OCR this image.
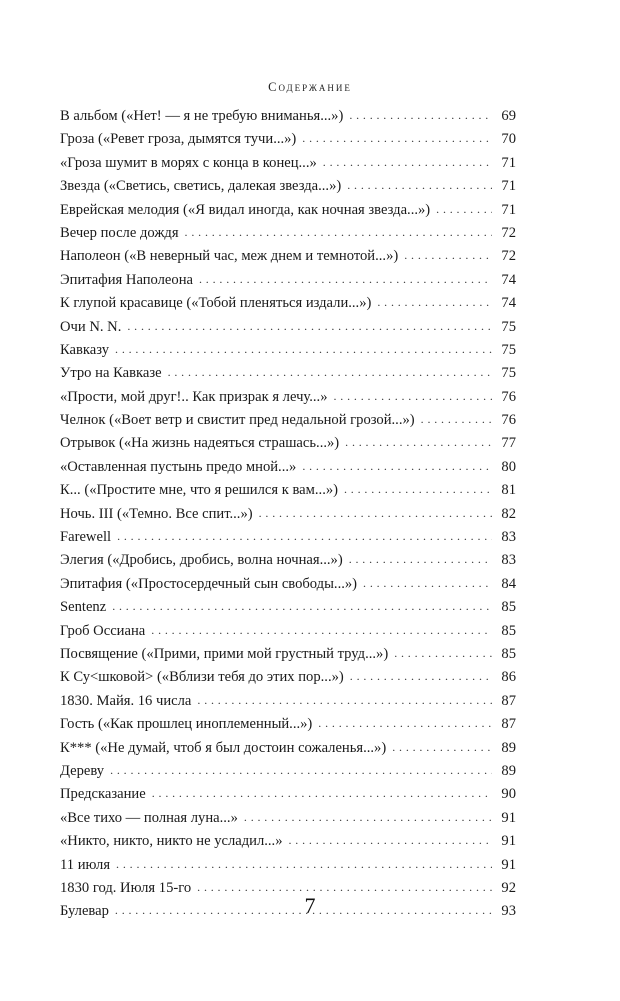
Содержание
В альбом («Нет! — я не требую вниманья...») . . .	69
Гроза («Ревет гроза, дымятся тучи...») . . .	70
«Гроза шумит в морях с конца в конец...» . . .	71
Звезда («Светись, светись, далекая звезда...») . . .	71
Еврейская мелодия («Я видал иногда, как ночная звезда...») . . .	71
Вечер после дождя . . .	72
Наполеон («В неверный час, меж днем и темнотой...») . . .	72
Эпитафия Наполеона . . .	74
К глупой красавице («Тобой пленяться издали...») . . .	74
Очи N. N. . . .	75
Кавказу . . .	75
Утро на Кавказе . . .	75
«Прости, мой друг!.. Как призрак я лечу...» . . .	76
Челнок («Воет ветр и свистит пред недальной грозой...») . . .	76
Отрывок («На жизнь надеяться страшась...») . . .	77
«Оставленная пустынь предо мной...» . . .	80
К... («Простите мне, что я решился к вам...») . . .	81
Ночь. III («Темно. Все спит...») . . .	82
Farewell . . .	83
Элегия («Дробись, дробись, волна ночная...») . . .	83
Эпитафия («Простосердечный сын свободы...») . . .	84
Sentenz . . .	85
Гроб Оссиана . . .	85
Посвящение («Прими, прими мой грустный труд...») . . .	85
К Су<шковой> («Вблизи тебя до этих пор...») . . .	86
1830. Майя. 16 числа . . .	87
Гость («Как прошлец иноплеменный...») . . .	87
К*** («Не думай, чтоб я был достоин сожаленья...») . . .	89
Дереву . . .	89
Предсказание . . .	90
«Все тихо — полная луна...» . . .	91
«Никто, никто, никто не усладил...» . . .	91
11 июля . . .	91
1830 год. Июля 15-го . . .	92
Булевар . . .	93
7
